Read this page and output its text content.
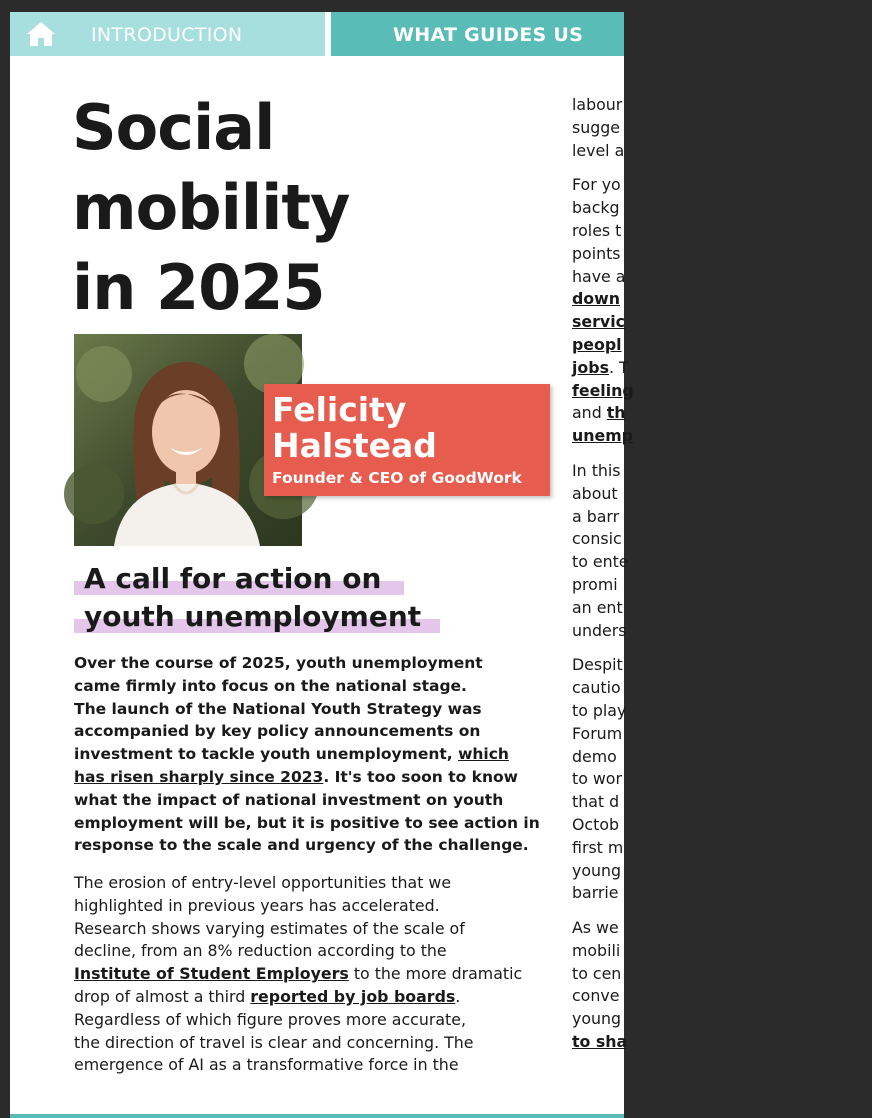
INTRODUCTION	WHAT GUIDES US
Social
mobility
in 2025
Felicity
Halstead
Founder & CEO of GoodWork
A call for action on
youth unemployment
Over the course of 2025, youth unemployment
came firmly into focus on the national stage.
The launch of the National Youth Strategy was
accompanied by key policy announcements on
investment to tackle youth unemployment, which
has risen sharply since 2023. It's too soon to know
what the impact of national investment on youth
employment will be, but it is positive to see action in
response to the scale and urgency of the challenge.
The erosion of entry-level opportunities that we
highlighted in previous years has accelerated.
Research shows varying estimates of the scale of
decline, from an 8% reduction according to the
Institute of Student Employers to the more dramatic
drop of almost a third reported by job boards.
Regardless of which figure proves more accurate,
the direction of travel is clear and concerning. The
emergence of AI as a transformative force in the
labour
sugge
level a
For yo
backg
roles t
points
have a
down
servic
peopl
jobs. T
feeling
and th
unemp
In this
about
a barr
consic
to ente
promi
an ent
unders
Despit
cautio
to play
Forum
demo
to wor
that d
Octob
first m
young
barrie
As we
mobili
to cen
conve
young
to sha
